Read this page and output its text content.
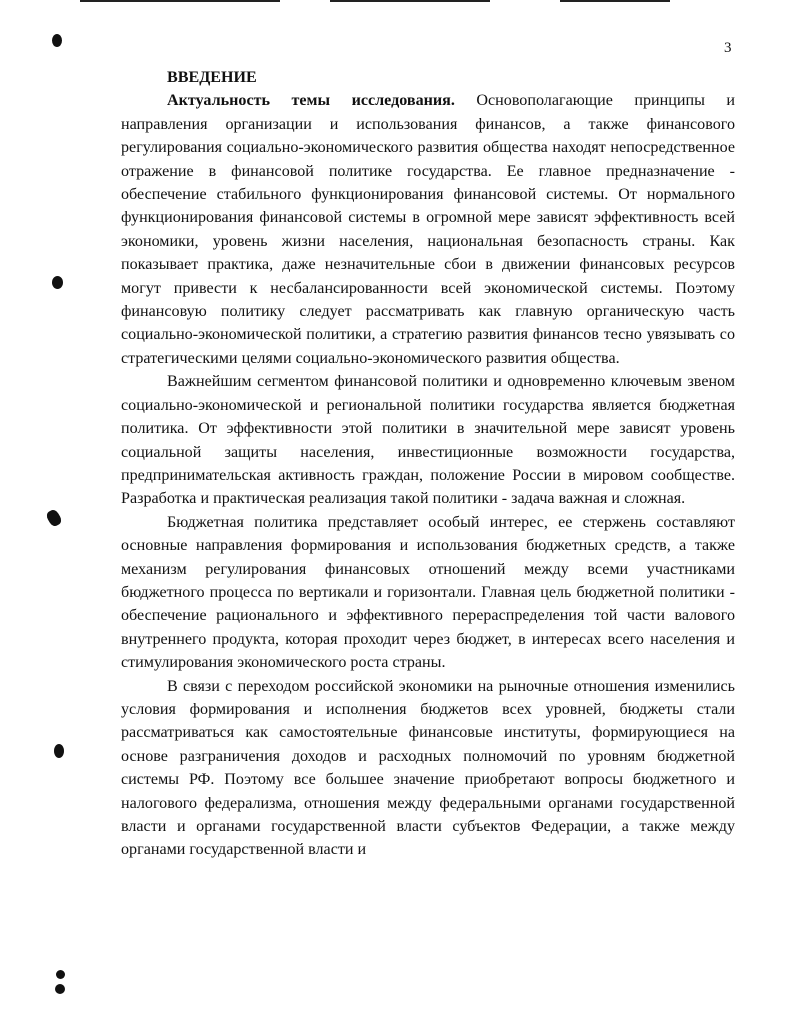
3

ВВЕДЕНИЕ

Актуальность темы исследования. Основополагающие принципы и направления организации и использования финансов, а также финансового регулирования социально-экономического развития общества находят непосредственное отражение в финансовой политике государства. Ее главное предназначение - обеспечение стабильного функционирования финансовой системы. От нормального функционирования финансовой системы в огромной мере зависят эффективность всей экономики, уровень жизни населения, национальная безопасность страны. Как показывает практика, даже незначительные сбои в движении финансовых ресурсов могут привести к несбалансированности всей экономической системы. Поэтому финансовую политику следует рассматривать как главную органическую часть социально-экономической политики, а стратегию развития финансов тесно увязывать со стратегическими целями социально-экономического развития общества.

Важнейшим сегментом финансовой политики и одновременно ключевым звеном социально-экономической и региональной политики государства является бюджетная политика. От эффективности этой политики в значительной мере зависят уровень социальной защиты населения, инвестиционные возможности государства, предпринимательская активность граждан, положение России в мировом сообществе. Разработка и практическая реализация такой политики - задача важная и сложная.

Бюджетная политика представляет особый интерес, ее стержень составляют основные направления формирования и использования бюджетных средств, а также механизм регулирования финансовых отношений между всеми участниками бюджетного процесса по вертикали и горизонтали. Главная цель бюджетной политики - обеспечение рационального и эффективного перераспределения той части валового внутреннего продукта, которая проходит через бюджет, в интересах всего населения и стимулирования экономического роста страны.

В связи с переходом российской экономики на рыночные отношения изменились условия формирования и исполнения бюджетов всех уровней, бюджеты стали рассматриваться как самостоятельные финансовые институты, формирующиеся на основе разграничения доходов и расходных полномочий по уровням бюджетной системы РФ. Поэтому все большее значение приобретают вопросы бюджетного и налогового федерализма, отношения между федеральными органами государственной власти и органами государственной власти субъектов Федерации, а также между органами государственной власти и
